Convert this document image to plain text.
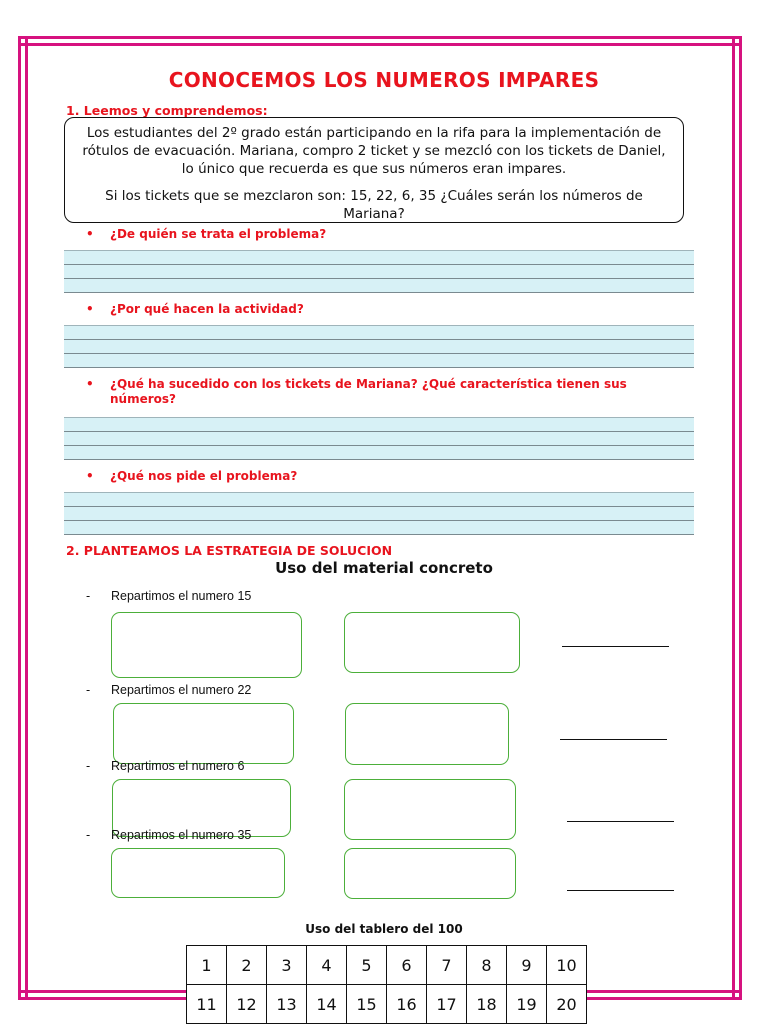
CONOCEMOS LOS NUMEROS IMPARES
1. Leemos y comprendemos:

Los estudiantes del 2º grado están participando en la rifa para la implementación de rótulos de evacuación. Mariana, compro 2 ticket y se mezcló con los tickets de Daniel, lo único que recuerda es que sus números eran impares.

Si los tickets que se mezclaron son: 15, 22, 6, 35 ¿Cuáles serán los números de Mariana?

• ¿De quién se trata el problema?
• ¿Por qué hacen la actividad?
• ¿Qué ha sucedido con los tickets de Mariana? ¿Qué característica tienen sus números?
• ¿Qué nos pide el problema?
2. PLANTEAMOS LA ESTRATEGIA DE SOLUCION
Uso del material concreto
- Repartimos el numero 15
- Repartimos el numero 22
- Repartimos el numero 6
- Repartimos el numero 35
Uso del tablero del 100
1	2	3	4	5	6	7	8	9	10
11	12	13	14	15	16	17	18	19	20
